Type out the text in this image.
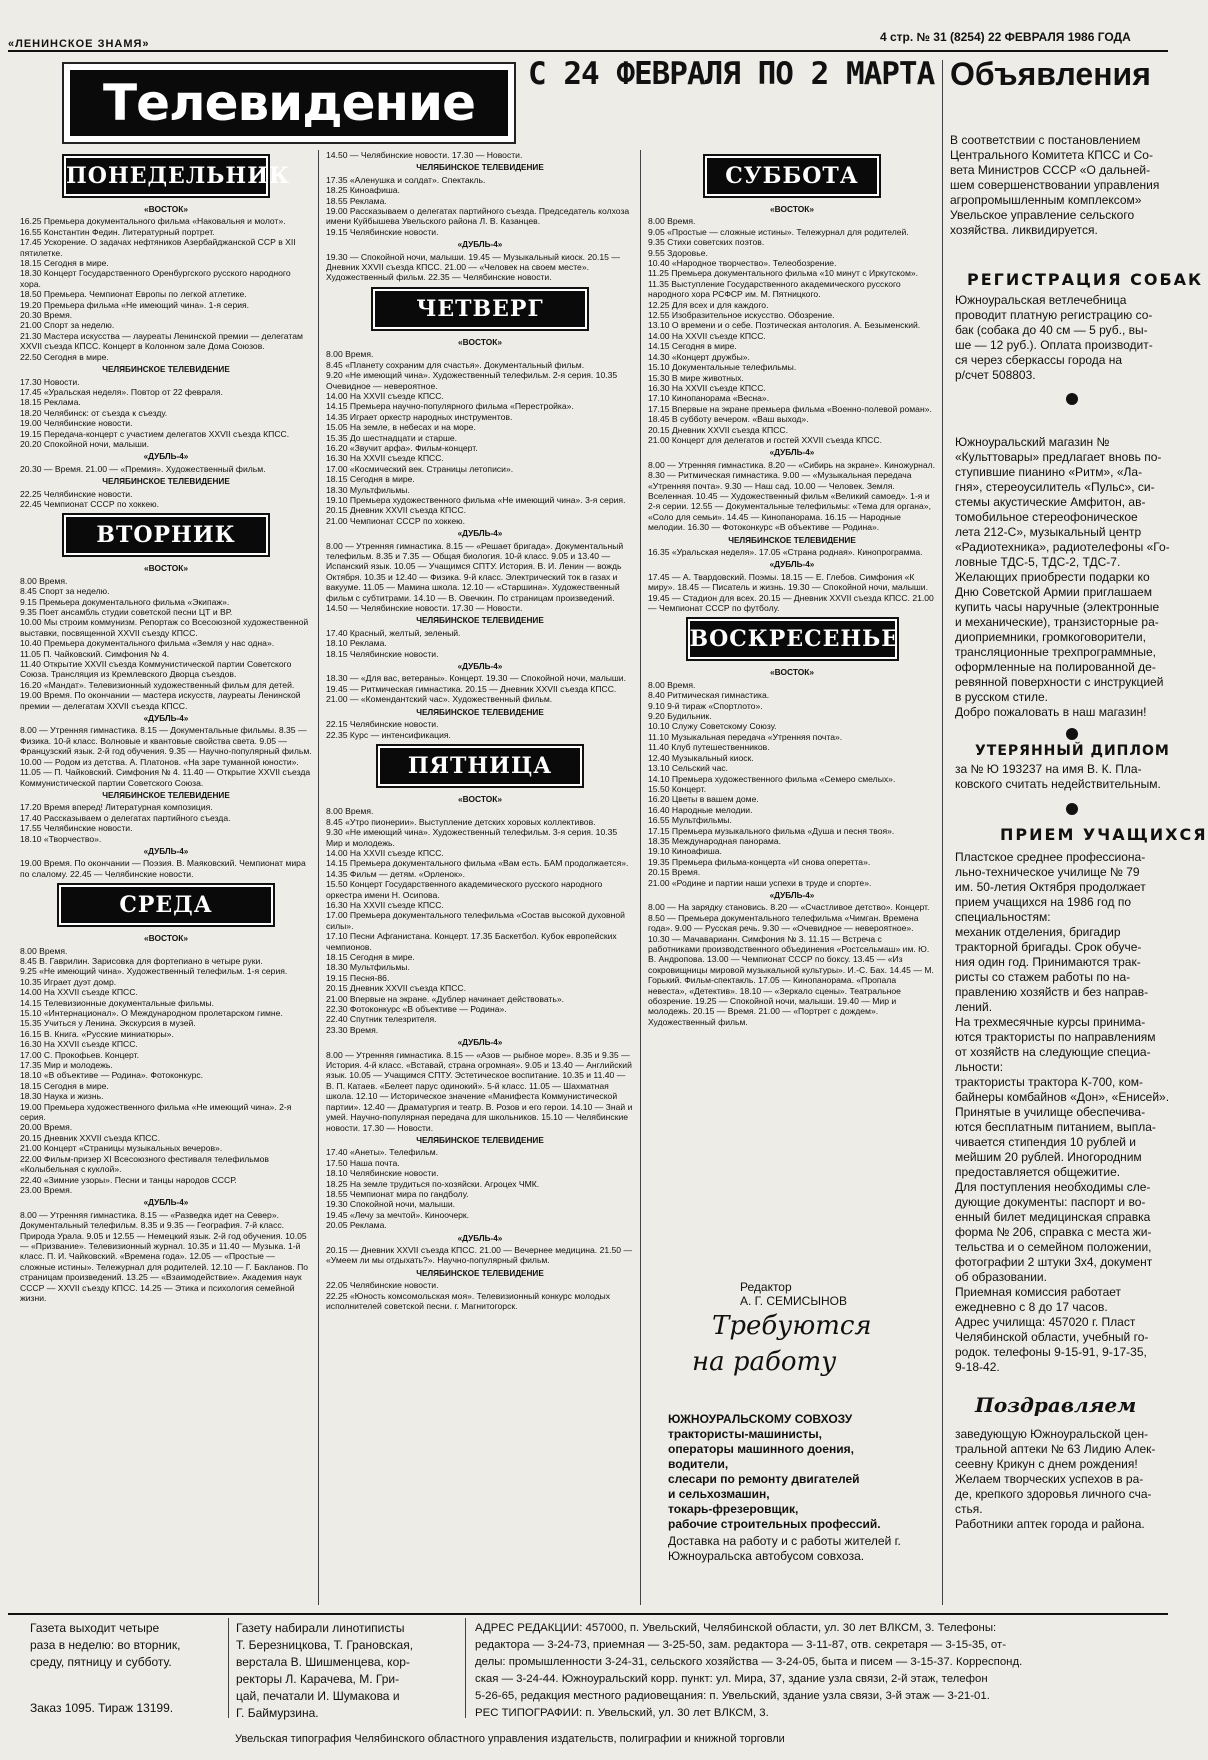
«ЛЕНИНСКОЕ ЗНАМЯ»	4 стр. № 31 (8254) 22 ФЕВРАЛЯ 1986 ГОДА
Телевидение	С 24 ФЕВРАЛЯ ПО 2 МАРТА Объявления
ПОНЕДЕЛЬНИК
«ВОСТОК»

16.25 Премьера документального фильма «Наковальня и молот».

16.55 Константин Федин. Литературный портрет.

17.45 Ускорение. О задачах нефтяников Азербайджанской ССР в XII пятилетке.

18.15 Сегодня в мире.

18.30 Концерт Государственного Оренбургского русского народного хора.

18.50 Премьера. Чемпионат Европы по легкой атлетике.

19.20 Премьера фильма «Не имеющий чина». 1-я серия.

20.30 Время.

21.00 Спорт за неделю.

21.30 Мастера искусства — лауреаты Ленинской премии — делегатам XXVII съезда КПСС. Концерт в Колонном зале Дома Союзов.

22.50 Сегодня в мире.

ЧЕЛЯБИНСКОЕ ТЕЛЕВИДЕНИЕ

17.30 Новости.

17.45 «Уральская неделя». Повтор от 22 февраля.

18.15 Реклама.

18.20 Челябинск: от съезда к съезду.

19.00 Челябинские новости.

19.15 Передача-концерт с участием делегатов XXVII съезда КПСС.

20.20 Спокойной ночи, малыши.

«ДУБЛЬ-4»

20.30 — Время. 21.00 — «Премия». Художественный фильм.

ЧЕЛЯБИНСКОЕ ТЕЛЕВИДЕНИЕ

22.25 Челябинские новости.

22.45 Чемпионат СССР по хоккею.

ВТОРНИК
«ВОСТОК»

8.00 Время.

8.45 Спорт за неделю.

9.15 Премьера документального фильма «Экипаж».

9.35 Поет ансамбль студии советской песни ЦТ и ВР.

10.00 Мы строим коммунизм. Репортаж со Всесоюзной художественной выставки, посвященной XXVII съезду КПСС.

10.40 Премьера документального фильма «Земля у нас одна».

11.05 П. Чайковский. Симфония № 4.

11.40 Открытие XXVII съезда Коммунистической партии Советского Союза. Трансляция из Кремлевского Дворца съездов.

16.20 «Мандат». Телевизионный художественный фильм для детей.

19.00 Время. По окончании — мастера искусств, лауреаты Ленинской премии — делегатам XXVII съезда КПСС.

«ДУБЛЬ-4»

8.00 — Утренняя гимнастика. 8.15 — Документальные фильмы. 8.35 — Физика. 10-й класс. Волновые и квантовые свойства света. 9.05 — Французский язык. 2-й год обучения. 9.35 — Научно-популярный фильм. 10.00 — Родом из детства. А. Платонов. «На заре туманной юности». 11.05 — П. Чайковский. Симфония № 4. 11.40 — Открытие XXVII съезда Коммунистической партии Советского Союза.

ЧЕЛЯБИНСКОЕ ТЕЛЕВИДЕНИЕ

17.20 Время вперед! Литературная композиция.

17.40 Рассказываем о делегатах партийного съезда.

17.55 Челябинские новости.

18.10 «Творчество».

«ДУБЛЬ-4»

19.00 Время. По окончании — Поэзия. В. Маяковский. Чемпионат мира по слалому. 22.45 — Челябинские новости.

СРЕДА
«ВОСТОК»

8.00 Время.

8.45 В. Гаврилин. Зарисовка для фортепиано в четыре руки.

9.25 «Не имеющий чина». Художественный телефильм. 1-я серия.

10.35 Играет дуэт домр.

14.00 На XXVII съезде КПСС.

14.15 Телевизионные документальные фильмы.

15.10 «Интернационал». О Международном пролетарском гимне.

15.35 Учиться у Ленина. Экскурсия в музей.

16.15 В. Книга. «Русские миниатюры».

16.30 На XXVII съезде КПСС.

17.00 С. Прокофьев. Концерт.

17.35 Мир и молодежь.

18.10 «В объективе — Родина». Фотоконкурс.

18.15 Сегодня в мире.

18.30 Наука и жизнь.

19.00 Премьера художественного фильма «Не имеющий чина». 2-я серия.

20.00 Время.

20.15 Дневник XXVII съезда КПСС.

21.00 Концерт «Страницы музыкальных вечеров».

22.00 Фильм-призер XI Всесоюзного фестиваля телефильмов «Колыбельная с куклой».

22.40 «Зимние узоры». Песни и танцы народов СССР.

23.00 Время.

«ДУБЛЬ-4»

8.00 — Утренняя гимнастика. 8.15 — «Разведка идет на Север». Документальный телефильм. 8.35 и 9.35 — География. 7-й класс. Природа Урала. 9.05 и 12.55 — Немецкий язык. 2-й год обучения. 10.05 — «Призвание». Телевизионный журнал. 10.35 и 11.40 — Музыка. 1-й класс. П. И. Чайковский. «Времена года». 12.05 — «Простые — сложные истины». Тележурнал для родителей. 12.10 — Г. Бакланов. По страницам произведений. 13.25 — «Взаимодействие». Академия наук СССР — XXVII съезду КПСС. 14.25 — Этика и психология семейной жизни.

14.50 — Челябинские новости. 17.30 — Новости.

ЧЕЛЯБИНСКОЕ ТЕЛЕВИДЕНИЕ

17.35 «Аленушка и солдат». Спектакль.

18.25 Киноафиша.

18.55 Реклама.

19.00 Рассказываем о делегатах партийного съезда. Председатель колхоза имени Куйбышева Увельского района Л. В. Казанцев.

19.15 Челябинские новости.

«ДУБЛЬ-4»

19.30 — Спокойной ночи, малыши. 19.45 — Музыкальный киоск. 20.15 — Дневник XXVII съезда КПСС. 21.00 — «Человек на своем месте». Художественный фильм. 22.35 — Челябинские новости.

ЧЕТВЕРГ
«ВОСТОК»

8.00 Время.

8.45 «Планету сохраним для счастья». Документальный фильм.

9.20 «Не имеющий чина». Художественный телефильм. 2-я серия. 10.35 Очевидное — невероятное.

14.00 На XXVII съезде КПСС.

14.15 Премьера научно-популярного фильма «Перестройка».

14.35 Играет оркестр народных инструментов.

15.05 На земле, в небесах и на море.

15.35 До шестнадцати и старше.

16.20 «Звучит арфа». Фильм-концерт.

16.30 На XXVII съезде КПСС.

17.00 «Космический век. Страницы летописи».

18.15 Сегодня в мире.

18.30 Мультфильмы.

19.10 Премьера художественного фильма «Не имеющий чина». 3-я серия. 20.15 Дневник XXVII съезда КПСС.

21.00 Чемпионат СССР по хоккею.

«ДУБЛЬ-4»

8.00 — Утренняя гимнастика. 8.15 — «Решает бригада». Документальный телефильм. 8.35 и 7.35 — Общая биология. 10-й класс. 9.05 и 13.40 — Испанский язык. 10.05 — Учащимся СПТУ. История. В. И. Ленин — вождь Октября. 10.35 и 12.40 — Физика. 9-й класс. Электрический ток в газах и вакууме. 11.05 — Мамина школа. 12.10 — «Старшина». Художественный фильм с субтитрами. 14.10 — В. Овечкин. По страницам произведений. 14.50 — Челябинские новости. 17.30 — Новости.

ЧЕЛЯБИНСКОЕ ТЕЛЕВИДЕНИЕ

17.40 Красный, желтый, зеленый.

18.10 Реклама.

18.15 Челябинские новости.

«ДУБЛЬ-4»

18.30 — «Для вас, ветераны». Концерт. 19.30 — Спокойной ночи, малыши. 19.45 — Ритмическая гимнастика. 20.15 — Дневник XXVII съезда КПСС. 21.00 — «Комендантский час». Художественный фильм.

ЧЕЛЯБИНСКОЕ ТЕЛЕВИДЕНИЕ

22.15 Челябинские новости.

22.35 Курс — интенсификация.

ПЯТНИЦА
«ВОСТОК»

8.00 Время.

8.45 «Утро пионерии». Выступление детских хоровых коллективов.

9.30 «Не имеющий чина». Художественный телефильм. 3-я серия. 10.35 Мир и молодежь.

14.00 На XXVII съезде КПСС.

14.15 Премьера документального фильма «Вам есть. БАМ продолжается».

14.35 Фильм — детям. «Орленок».

15.50 Концерт Государственного академического русского народного оркестра имени Н. Осипова.

16.30 На XXVII съезде КПСС.

17.00 Премьера документального телефильма «Состав высокой духовной силы».

17.10 Песни Афганистана. Концерт. 17.35 Баскетбол. Кубок европейских чемпионов.

18.15 Сегодня в мире.

18.30 Мультфильмы.

19.15 Песня-86.

20.15 Дневник XXVII съезда КПСС.

21.00 Впервые на экране. «Дублер начинает действовать».

22.30 Фотоконкурс «В объективе — Родина».

22.40 Спутник телезрителя.

23.30 Время.

«ДУБЛЬ-4»

8.00 — Утренняя гимнастика. 8.15 — «Азов — рыбное море». 8.35 и 9.35 — История. 4-й класс. «Вставай, страна огромная». 9.05 и 13.40 — Английский язык. 10.05 — Учащимся СПТУ. Эстетическое воспитание. 10.35 и 11.40 — В. П. Катаев. «Белеет парус одинокий». 5-й класс. 11.05 — Шахматная школа. 12.10 — Историческое значение «Манифеста Коммунистической партии». 12.40 — Драматургия и театр. В. Розов и его герои. 14.10 — Знай и умей. Научно-популярная передача для школьников. 15.10 — Челябинские новости. 17.30 — Новости.

ЧЕЛЯБИНСКОЕ ТЕЛЕВИДЕНИЕ

17.40 «Анеты». Телефильм.

17.50 Наша почта.

18.10 Челябинские новости.

18.25 На земле трудиться по-хозяйски. Агроцех ЧМК.

18.55 Чемпионат мира по гандболу.

19.30 Спокойной ночи, малыши.

19.45 «Лечу за мечтой». Киноочерк.

20.05 Реклама.

«ДУБЛЬ-4»

20.15 — Дневник XXVII съезда КПСС. 21.00 — Вечернее медицина. 21.50 — «Умеем ли мы отдыхать?». Научно-популярный фильм.

ЧЕЛЯБИНСКОЕ ТЕЛЕВИДЕНИЕ

22.05 Челябинские новости.

22.25 «Юность комсомольская моя». Телевизионный конкурс молодых исполнителей советской песни. г. Магнитогорск.

СУББОТА
«ВОСТОК»

8.00 Время.

9.05 «Простые — сложные истины». Тележурнал для родителей.

9.35 Стихи советских поэтов.

9.55 Здоровье.

10.40 «Народное творчество». Телеобозрение.

11.25 Премьера документального фильма «10 минут с Иркутском».

11.35 Выступление Государственного академического русского народного хора РСФСР им. М. Пятницкого.

12.25 Для всех и для каждого.

12.55 Изобразительное искусство. Обозрение.

13.10 О времени и о себе. Поэтическая антология. А. Безыменский.

14.00 На XXVII съезде КПСС.

14.15 Сегодня в мире.

14.30 «Концерт дружбы».

15.10 Документальные телефильмы.

15.30 В мире животных.

16.30 На XXVII съезде КПСС.

17.10 Кинопанорама «Весна».

17.15 Впервые на экране премьера фильма «Военно-полевой роман».

18.45 В субботу вечером. «Ваш выход».

20.15 Дневник XXVII съезда КПСС.

21.00 Концерт для делегатов и гостей XXVII съезда КПСС.

«ДУБЛЬ-4»

8.00 — Утренняя гимнастика. 8.20 — «Сибирь на экране». Киножурнал. 8.30 — Ритмическая гимнастика. 9.00 — «Музыкальная передача «Утренняя почта». 9.30 — Наш сад. 10.00 — Человек. Земля. Вселенная. 10.45 — Художественный фильм «Великий самоед». 1-я и 2-я серии. 12.55 — Документальные телефильмы: «Тема для органа», «Соло для семьи». 14.45 — Кинопанорама. 16.15 — Народные мелодии. 16.30 — Фотоконкурс «В объективе — Родина».

ЧЕЛЯБИНСКОЕ ТЕЛЕВИДЕНИЕ

16.35 «Уральская неделя». 17.05 «Страна родная». Кинопрограмма.

«ДУБЛЬ-4»

17.45 — А. Твардовский. Поэмы. 18.15 — Е. Глебов. Симфония «К миру». 18.45 — Писатель и жизнь. 19.30 — Спокойной ночи, малыши. 19.45 — Стадион для всех. 20.15 — Дневник XXVII съезда КПСС. 21.00 — Чемпионат СССР по футболу.

ВОСКРЕСЕНЬЕ
«ВОСТОК»

8.00 Время.

8.40 Ритмическая гимнастика.

9.10 9-й тираж «Спортлото».

9.20 Будильник.

10.10 Служу Советскому Союзу.

11.10 Музыкальная передача «Утренняя почта».

11.40 Клуб путешественников.

12.40 Музыкальный киоск.

13.10 Сельский час.

14.10 Премьера художественного фильма «Семеро смелых».

15.50 Концерт.

16.20 Цветы в вашем доме.

16.40 Народные мелодии.

16.55 Мультфильмы.

17.15 Премьера музыкального фильма «Душа и песня твоя».

18.35 Международная панорама.

19.10 Киноафиша.

19.35 Премьера фильма-концерта «И снова оперетта».

20.15 Время.

21.00 «Родине и партии наши успехи в труде и спорте».

«ДУБЛЬ-4»

8.00 — На зарядку становись. 8.20 — «Счастливое детство». Концерт. 8.50 — Премьера документального телефильма «Чимган. Времена года». 9.00 — Русская речь. 9.30 — «Очевидное — невероятное». 10.30 — Мачаварианн. Симфония № 3. 11.15 — Встреча с работниками производственного объединения «Ростсельмаш» им. Ю. В. Андропова. 13.00 — Чемпионат СССР по боксу. 13.45 — «Из сокровищницы мировой музыкальной культуры». И.-С. Бах. 14.45 — М. Горький. Фильм-спектакль. 17.05 — Кинопанорама. «Пропала невеста», «Детектив». 18.10 — «Зеркало сцены». Театральное обозрение. 19.25 — Спокойной ночи, малыши. 19.40 — Мир и молодежь. 20.15 — Время. 21.00 — «Портрет с дождем». Художественный фильм.

Редактор
А. Г. СЕМИСЫНОВ
Требуются
на работу
ЮЖНОУРАЛЬСКОМУ СОВХОЗУ
трактористы-машинисты,
операторы машинного доения,
водители,
слесари по ремонту двигателей
и сельхозмашин,
токарь-фрезеровщик,
рабочие строительных профессий.
Доставка на работу и с работы жителей г. Южноуральска автобусом совхоза.
В соответствии с постановлением
Центрального Комитета КПСС и Со-
вета Министров СССР «О дальней-
шем совершенствовании управления
агропромышленным комплексом»
Увельское управление сельского
хозяйства. ликвидируется.
РЕГИСТРАЦИЯ СОБАК
Южноуральская ветлечебница
проводит платную регистрацию со-
бак (собака до 40 см — 5 руб., вы-
ше — 12 руб.). Оплата производит-
ся через сберкассы города на
р/счет 508803.
Южноуральский магазин №
«Культтовары» предлагает вновь по-
ступившие пианино «Ритм», «Ла-
гня», стереоусилитель «Пульс», си-
стемы акустические Амфитон, ав-
томобильное стереофоническое
лета 212-С», музыкальный центр
«Радиотехника», радиотелефоны «Го-
ловные ТДС-5, ТДС-2, ТДС-7.
Желающих приобрести подарки ко
Дню Советской Армии приглашаем
купить часы наручные (электронные
и механические), транзисторные ра-
диоприемники, громкоговорители,
трансляционные трехпрограммные,
оформленные на полированной де-
ревянной поверхности с инструкцией
в русском стиле.
Добро пожаловать в наш магазин!
УТЕРЯННЫЙ ДИПЛОМ
за № Ю 193237 на имя В. К. Пла-
ковского считать недействительным.
ПРИЕМ УЧАЩИХСЯ
Пластское среднее профессиона-
льно-техническое училище № 79
им. 50-летия Октября продолжает
прием учащихся на 1986 год по
специальностям:
механик отделения, бригадир
тракторной бригады. Срок обуче-
ния один год. Принимаются трак-
ристы со стажем работы по на-
правлению хозяйств и без направ-
лений.
На трехмесячные курсы принима-
ются трактористы по направлениям
от хозяйств на следующие специа-
льности:
трактористы трактора К-700, ком-
байнеры комбайнов «Дон», «Енисей».
Принятые в училище обеспечива-
ются бесплатным питанием, выпла-
чивается стипендия 10 рублей и
мейшим 20 рублей. Иногородним
предоставляется общежитие.
Для поступления необходимы сле-
дующие документы: паспорт и во-
енный билет медицинская справка
форма № 206, справка с места жи-
тельства и о семейном положении,
фотографии 2 штуки 3х4, документ
об образовании.
Приемная комиссия работает
ежедневно с 8 до 17 часов.
Адрес училища: 457020 г. Пласт
Челябинской области, учебный го-
родок. телефоны 9-15-91, 9-17-35,
9-18-42.
Поздравляем
заведующую Южноуральской цен-
тральной аптеки № 63 Лидию Алек-
сеевну Крикун с днем рождения!
Желаем творческих успехов в ра-
де, крепкого здоровья личного сча-
стья.
Работники аптек города и района.
Газета выходит четыре
раза в неделю: во вторник,
среду, пятницу и субботу.
Заказ 1095. Тираж 13199.
Газету набирали линотиписты
Т. Березницкова, Т. Грановская,
верстала В. Шишменцева, кор-
ректоры Л. Карачева, М. Гри-
цай, печатали И. Шумакова и
Г. Баймурзина.
АДРЕС РЕДАКЦИИ: 457000, п. Увельский, Челябинской области, ул. 30 лет ВЛКСМ, 3. Телефоны:
редактора — 3-24-73, приемная — 3-25-50, зам. редактора — 3-11-87, отв. секретаря — 3-15-35, от-
делы: промышленности 3-24-31, сельского хозяйства — 3-24-05, быта и писем — 3-15-37. Корреспонд.
ская — 3-24-44. Южноуральский корр. пункт: ул. Мира, 37, здание узла связи, 2-й этаж, телефон
5-26-65, редакция местного радиовещания: п. Увельский, здание узла связи, 3-й этаж — 3-21-01.
РЕС ТИПОГРАФИИ: п. Увельский, ул. 30 лет ВЛКСМ, 3.
Увельская типография Челябинского областного управления издательств, полиграфии и книжной торговли
